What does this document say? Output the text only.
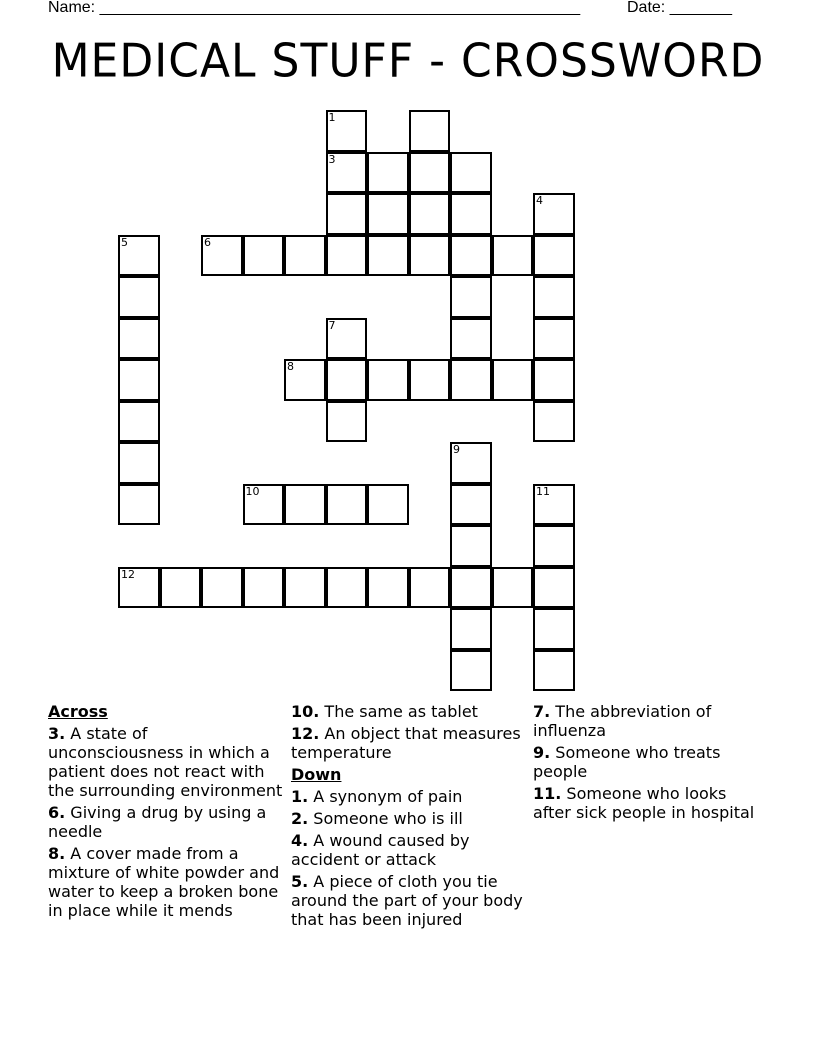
Name: ______________________________________________________	Date: _______
MEDICAL STUFF - CROSSWORD
1
3
4
5	6
7
8
9
10	11
12
Across
3. A state of unconsciousness in which a patient does not react with the surrounding environment
6. Giving a drug by using a needle
8. A cover made from a mixture of white powder and water to keep a broken bone in place while it mends
10. The same as tablet
12. An object that measures temperature
Down
1. A synonym of pain
2. Someone who is ill
4. A wound caused by accident or attack
5. A piece of cloth you tie around the part of your body that has been injured
7. The abbreviation of influenza
9. Someone who treats people
11. Someone who looks after sick people in hospital
